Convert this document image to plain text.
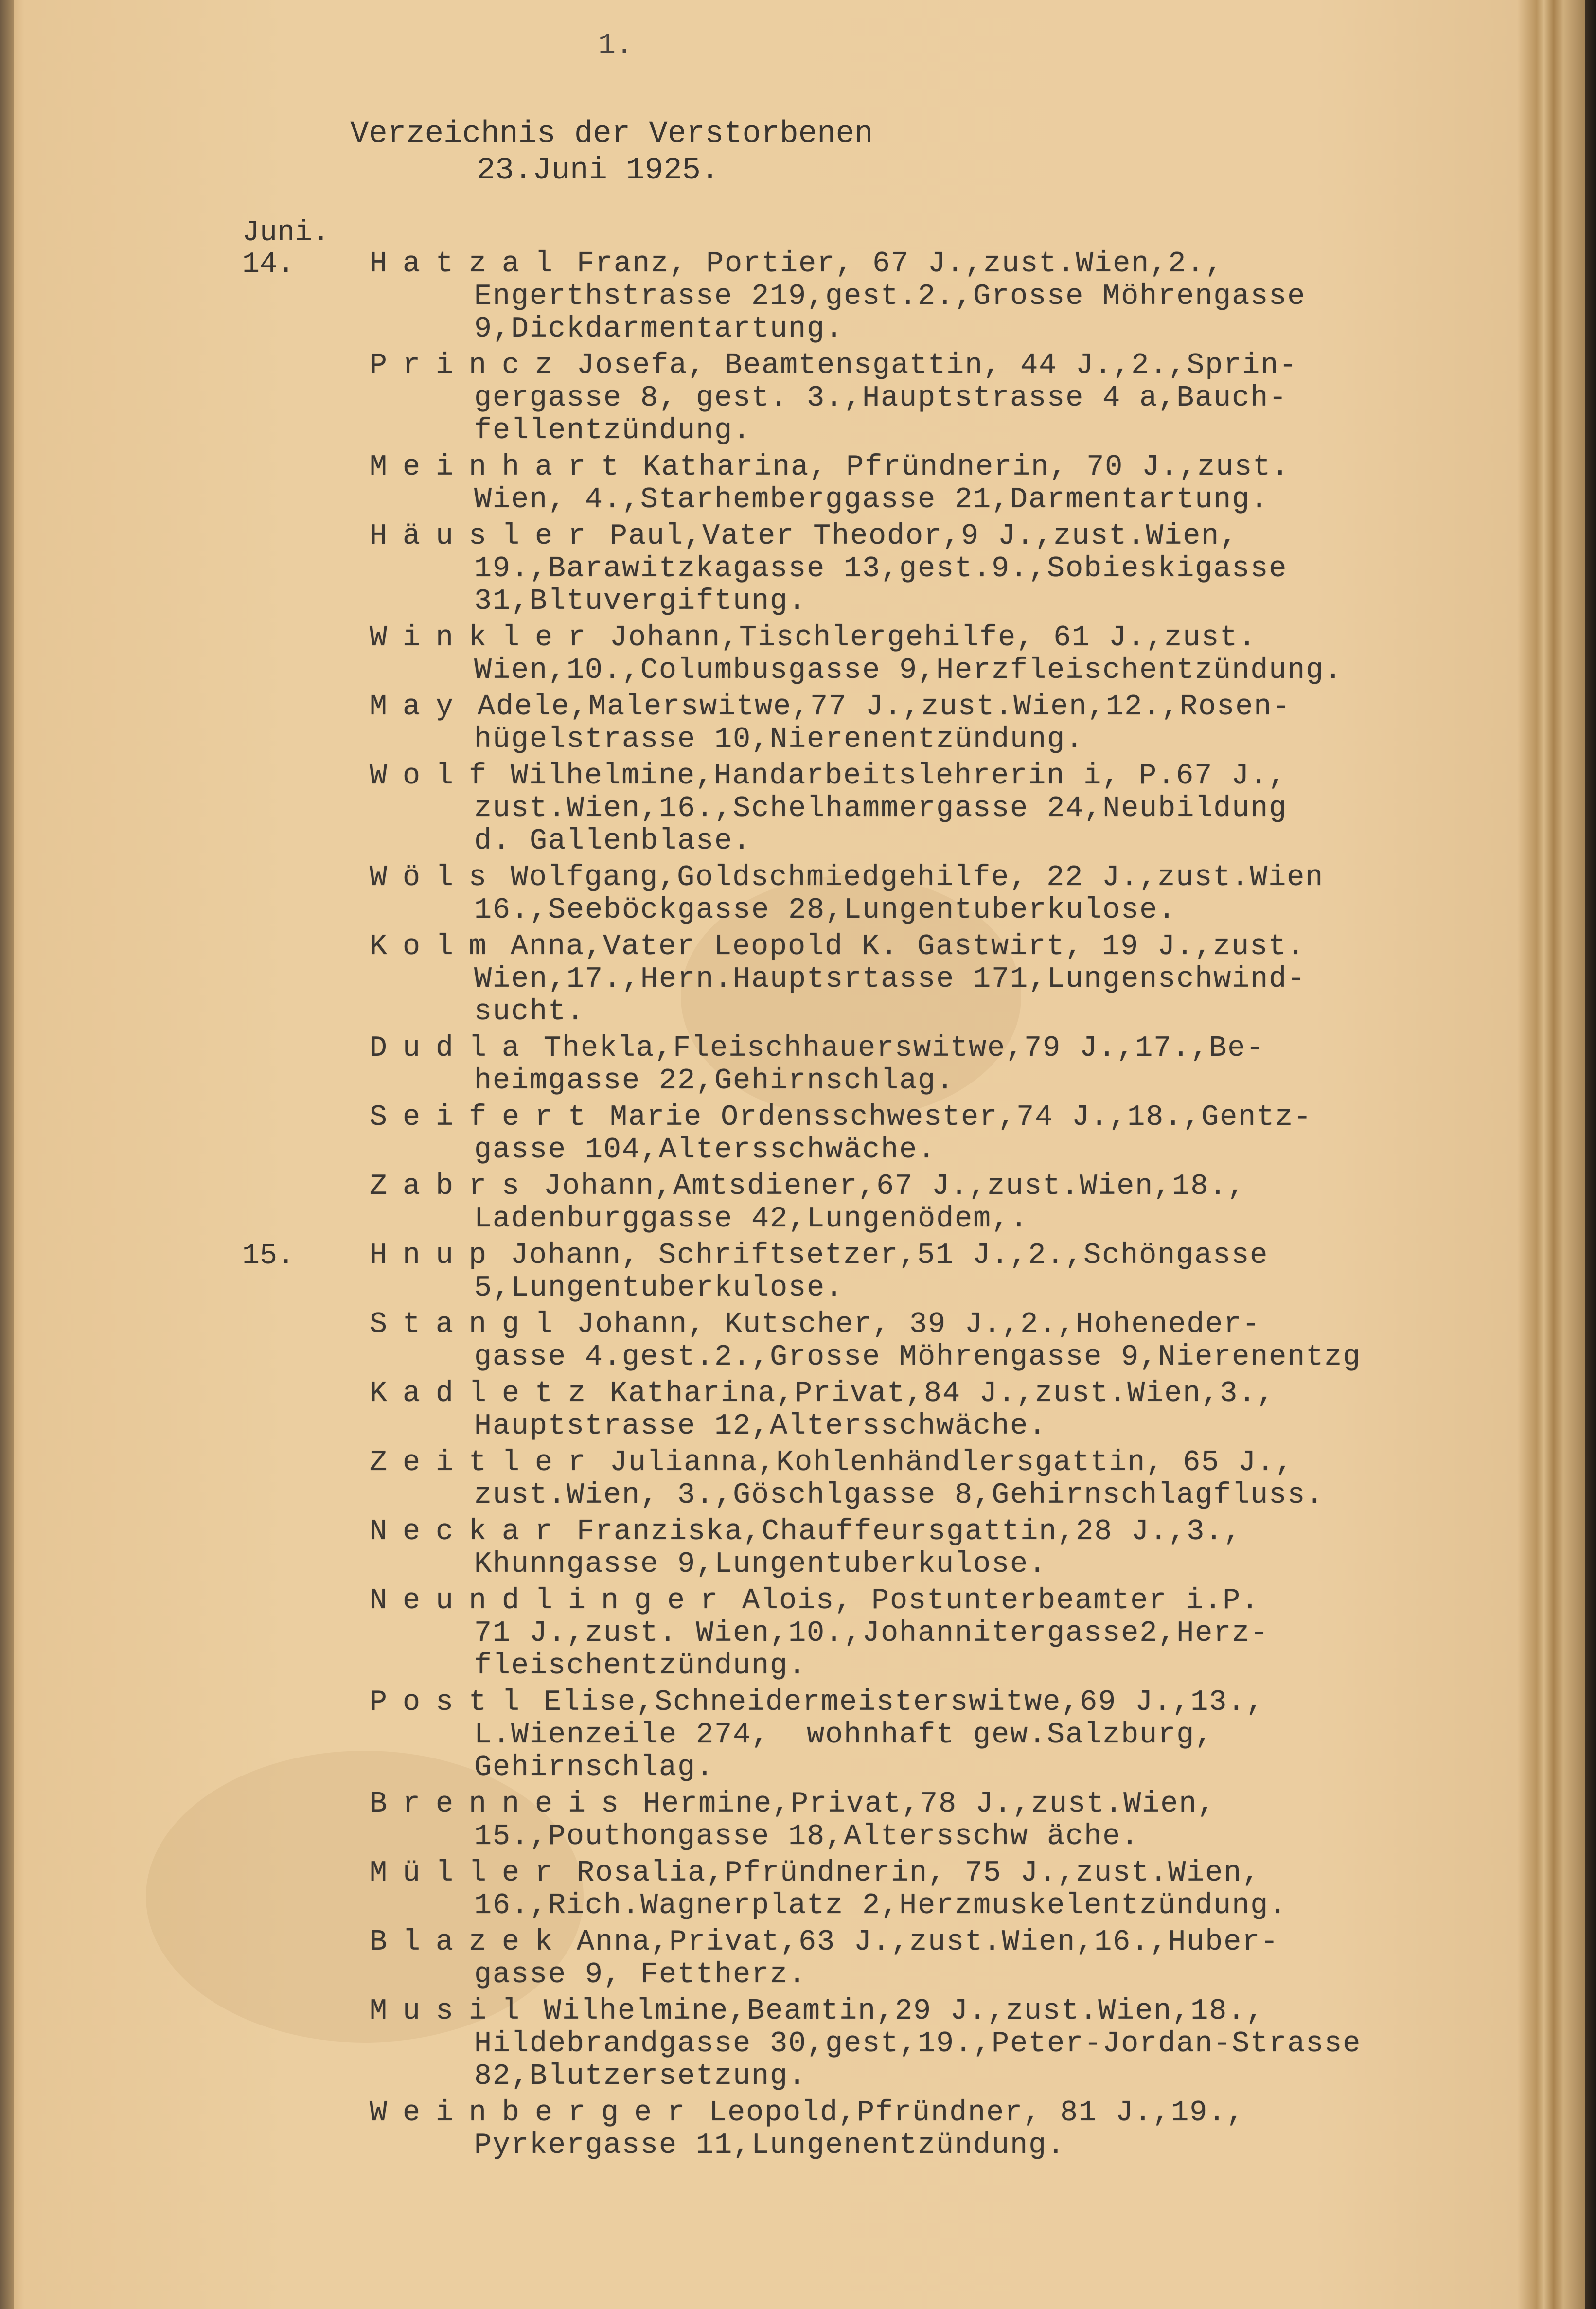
1.
Verzeichnis der Verstorbenen
23.Juni 1925.
Juni.
14.	Hatzal Franz, Portier, 67 J.,zust.Wien,2.,
Engerthstrasse 219,gest.2.,Grosse Möhrengasse
9,Dickdarmentartung.
Princz Josefa, Beamtensgattin, 44 J.,2.,Sprin-
gergasse 8, gest. 3.,Hauptstrasse 4 a,Bauch-
fellentzündung.
Meinhart Katharina, Pfründnerin, 70 J.,zust.
Wien, 4.,Starhemberggasse 21,Darmentartung.
Häusler Paul,Vater Theodor,9 J.,zust.Wien,
19.,Barawitzkagasse 13,gest.9.,Sobieskigasse
31,Bltuvergiftung.
Winkler Johann,Tischlergehilfe, 61 J.,zust.
Wien,10.,Columbusgasse 9,Herzfleischentzündung.
May Adele,Malerswitwe,77 J.,zust.Wien,12.,Rosen-
hügelstrasse 10,Nierenentzündung.
Wolf Wilhelmine,Handarbeitslehrerin i, P.67 J.,
zust.Wien,16.,Schelhammergasse 24,Neubildung
d. Gallenblase.
Wöls Wolfgang,Goldschmiedgehilfe, 22 J.,zust.Wien
16.,Seeböckgasse 28,Lungentuberkulose.
Kolm Anna,Vater Leopold K. Gastwirt, 19 J.,zust.
Wien,17.,Hern.Hauptsrtasse 171,Lungenschwind-
sucht.
Dudla Thekla,Fleischhauerswitwe,79 J.,17.,Be-
heimgasse 22,Gehirnschlag.
Seifert Marie Ordensschwester,74 J.,18.,Gentz-
gasse 104,Altersschwäche.
Zabrs Johann,Amtsdiener,67 J.,zust.Wien,18.,
Ladenburggasse 42,Lungenödem,.
15.	Hnup Johann, Schriftsetzer,51 J.,2.,Schöngasse
5,Lungentuberkulose.
Stangl Johann, Kutscher, 39 J.,2.,Hoheneder-
gasse 4.gest.2.,Grosse Möhrengasse 9,Nierenentzg
Kadletz Katharina,Privat,84 J.,zust.Wien,3.,
Hauptstrasse 12,Altersschwäche.
Zeitler Julianna,Kohlenhändlersgattin, 65 J.,
zust.Wien, 3.,Göschlgasse 8,Gehirnschlagfluss.
Neckar Franziska,Chauffeursgattin,28 J.,3.,
Khunngasse 9,Lungentuberkulose.
Neundlinger Alois, Postunterbeamter i.P.
71 J.,zust. Wien,10.,Johannitergasse2,Herz-
fleischentzündung.
Postl Elise,Schneidermeisterswitwe,69 J.,13.,
L.Wienzeile 274,  wohnhaft gew.Salzburg,
Gehirnschlag.
Brenneis Hermine,Privat,78 J.,zust.Wien,
15.,Pouthongasse 18,Altersschw äche.
Müller Rosalia,Pfründnerin, 75 J.,zust.Wien,
16.,Rich.Wagnerplatz 2,Herzmuskelentzündung.
Blazek Anna,Privat,63 J.,zust.Wien,16.,Huber-
gasse 9, Fettherz.
Musil Wilhelmine,Beamtin,29 J.,zust.Wien,18.,
Hildebrandgasse 30,gest,19.,Peter-Jordan-Strasse
82,Blutzersetzung.
Weinberger Leopold,Pfründner, 81 J.,19.,
Pyrkergasse 11,Lungenentzündung.
